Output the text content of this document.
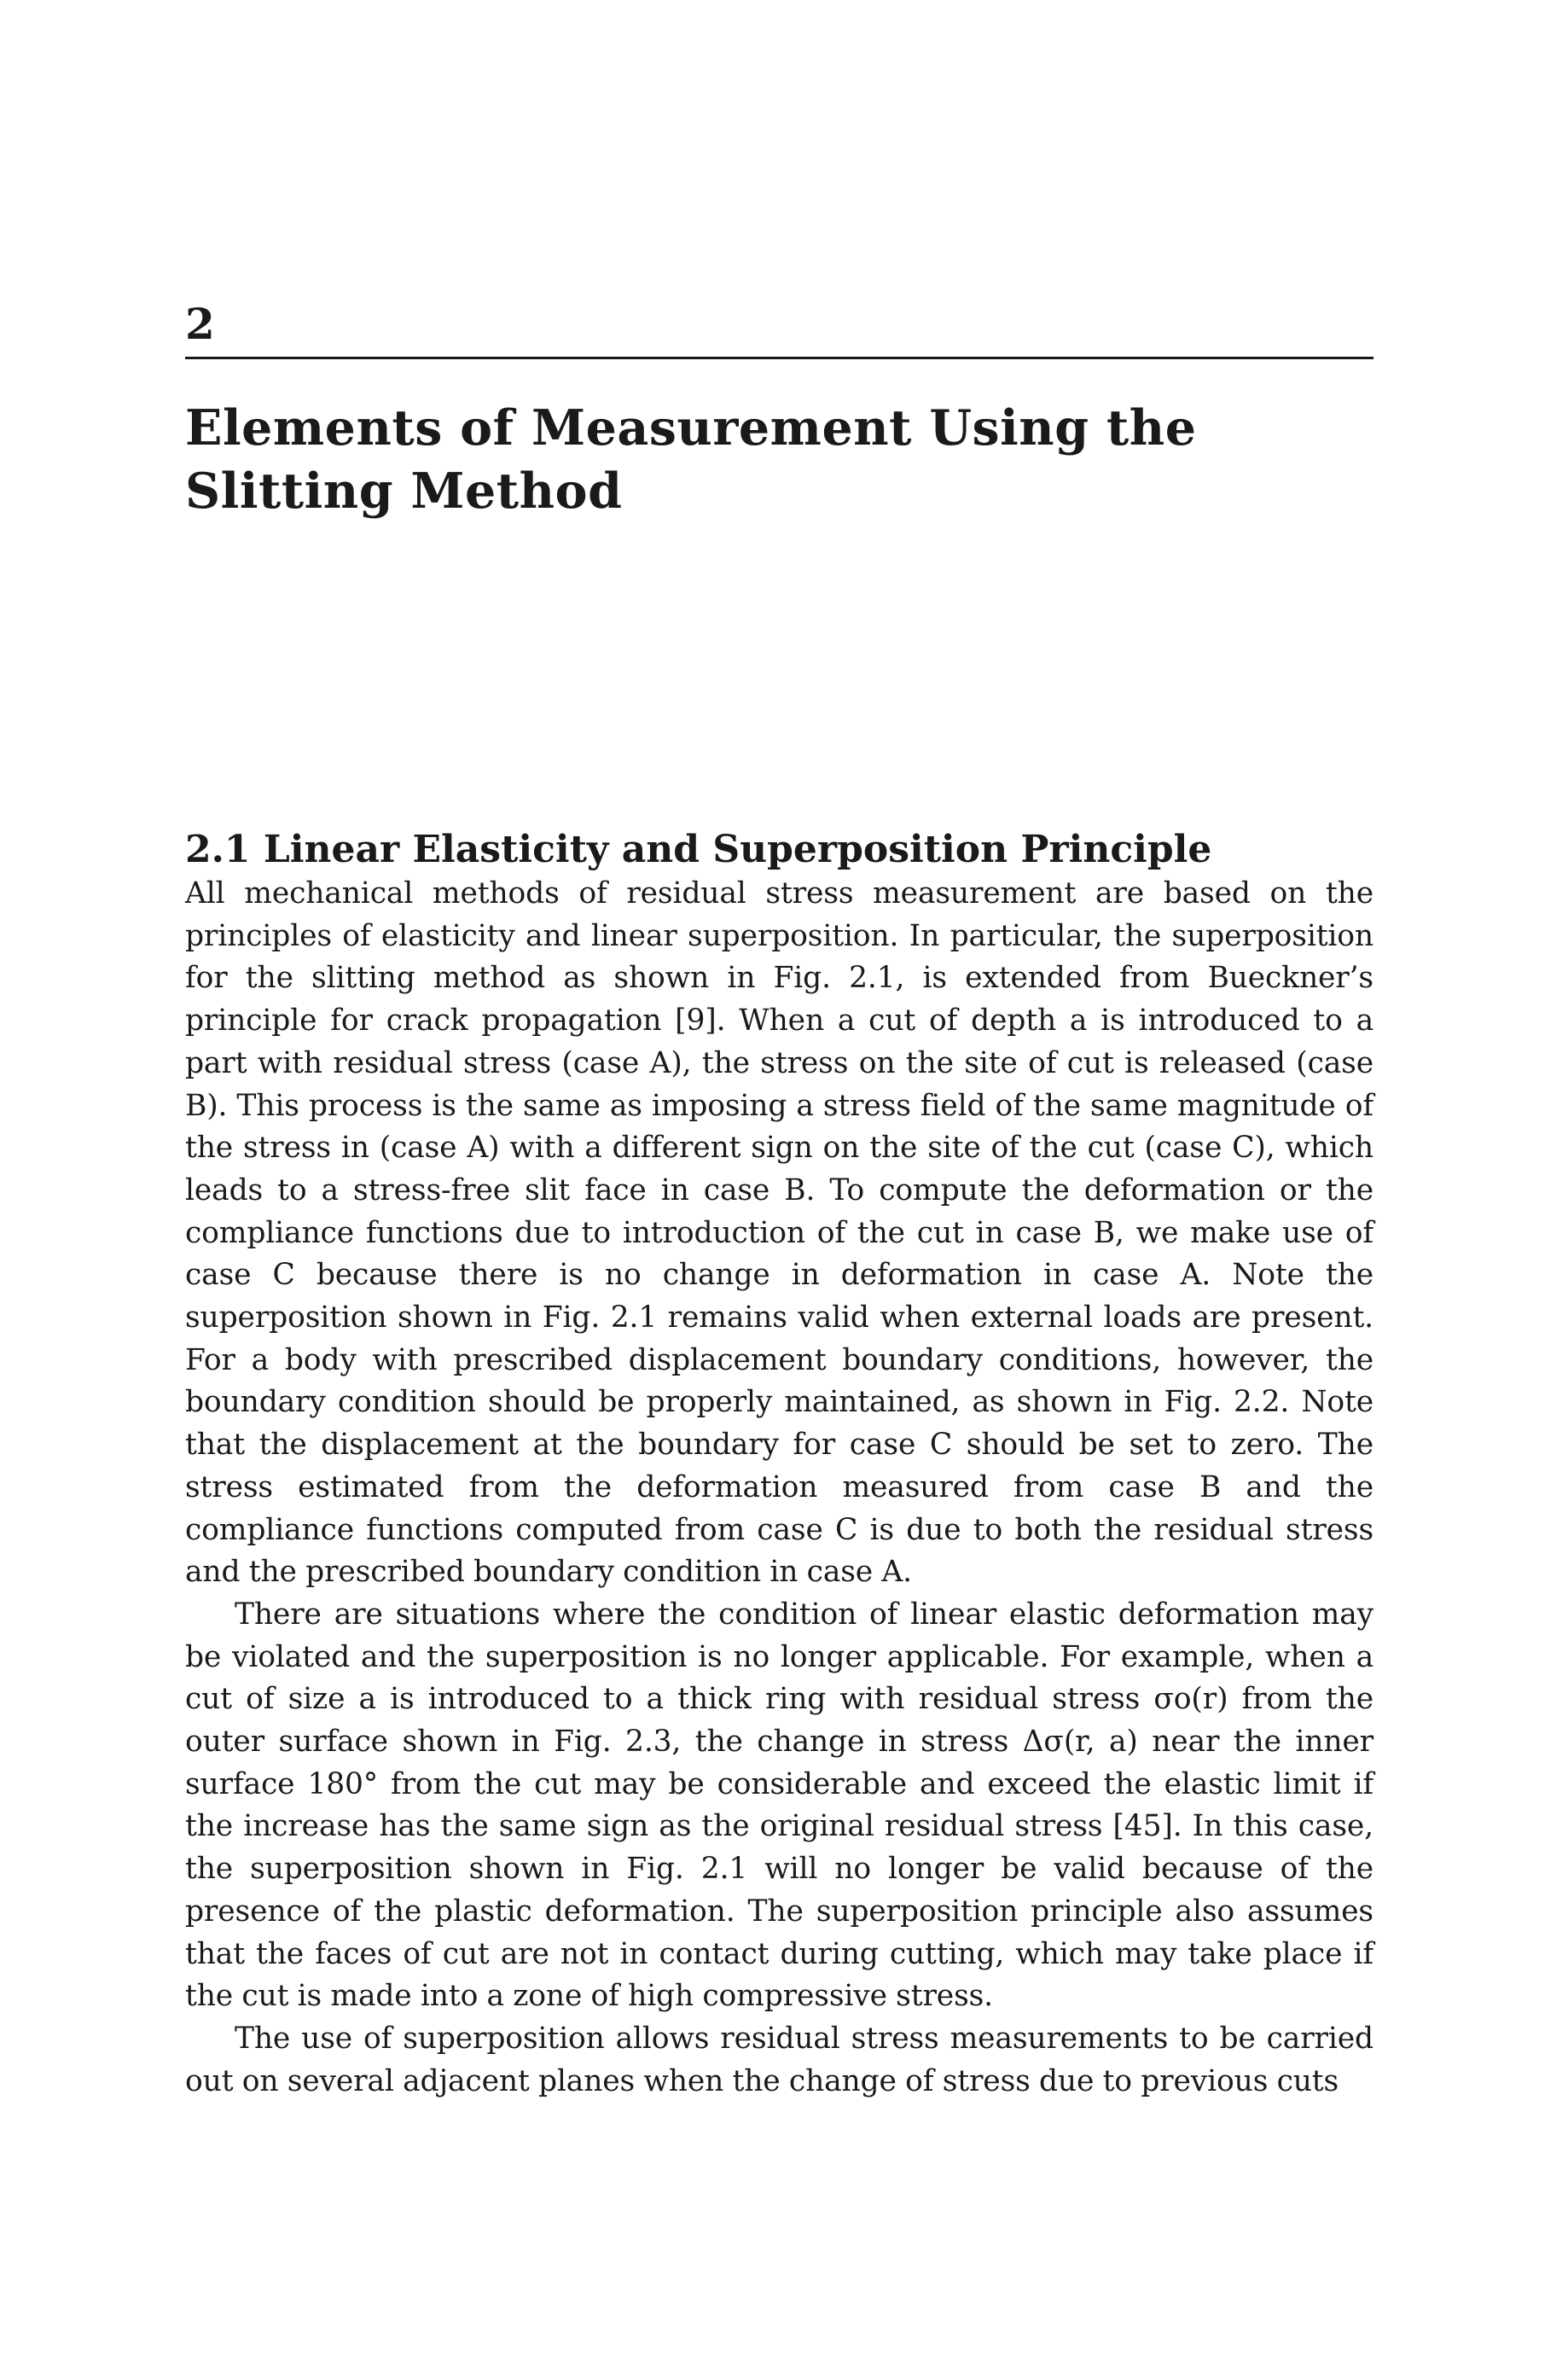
2
Elements of Measurement Using the Slitting Method
2.1 Linear Elasticity and Superposition Principle

All mechanical methods of residual stress measurement are based on the principles of elasticity and linear superposition. In particular, the superposition for the slitting method as shown in Fig. 2.1, is extended from Bueckner’s principle for crack propagation [9]. When a cut of depth a is introduced to a part with residual stress (case A), the stress on the site of cut is released (case B). This process is the same as imposing a stress field of the same magnitude of the stress in (case A) with a different sign on the site of the cut (case C), which leads to a stress-free slit face in case B. To compute the deformation or the compliance functions due to introduction of the cut in case B, we make use of case C because there is no change in deformation in case A. Note the superposition shown in Fig. 2.1 remains valid when external loads are present. For a body with prescribed displacement boundary conditions, however, the boundary condition should be properly maintained, as shown in Fig. 2.2. Note that the displacement at the boundary for case C should be set to zero. The stress estimated from the deformation measured from case B and the compliance functions computed from case C is due to both the residual stress and the prescribed boundary condition in case A.

There are situations where the condition of linear elastic deformation may be violated and the superposition is no longer applicable. For example, when a cut of size a is introduced to a thick ring with residual stress σo(r) from the outer surface shown in Fig. 2.3, the change in stress Δσ(r, a) near the inner surface 180° from the cut may be considerable and exceed the elastic limit if the increase has the same sign as the original residual stress [45]. In this case, the superposition shown in Fig. 2.1 will no longer be valid because of the presence of the plastic deformation. The superposition principle also assumes that the faces of cut are not in contact during cutting, which may take place if the cut is made into a zone of high compressive stress.

The use of superposition allows residual stress measurements to be carried out on several adjacent planes when the change of stress due to previous cuts
